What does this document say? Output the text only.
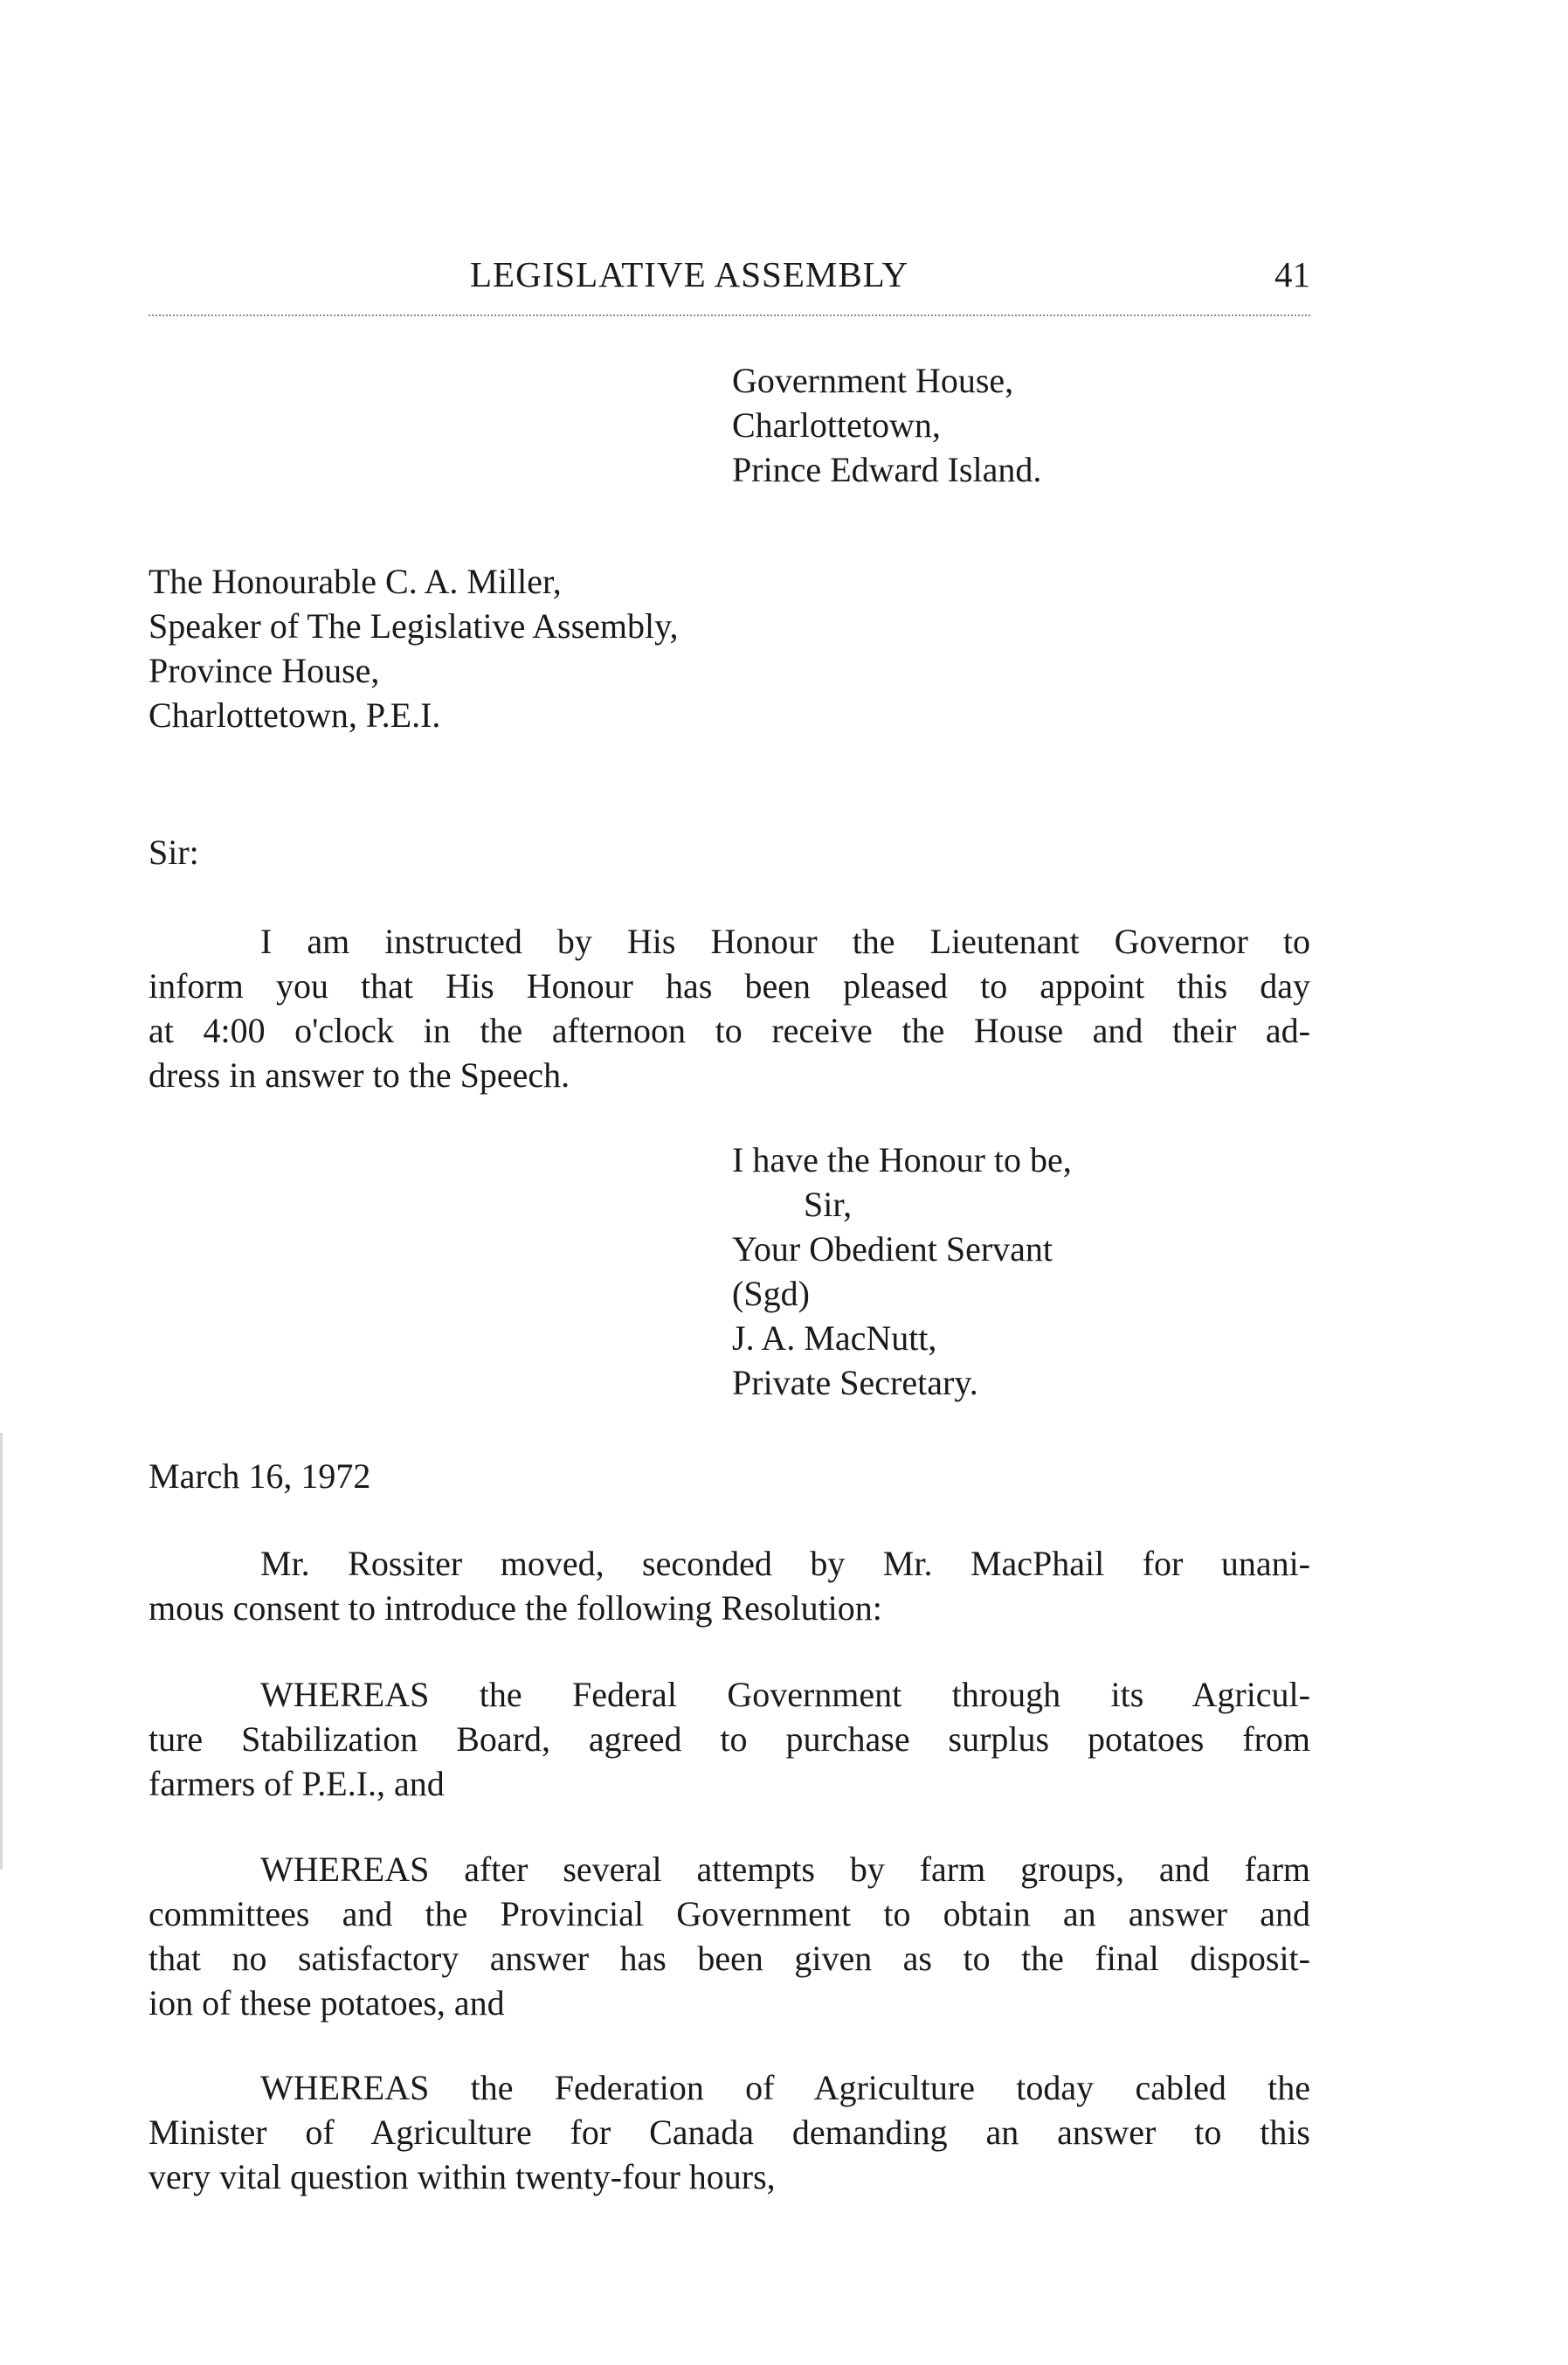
LEGISLATIVE ASSEMBLY	41
Government House,
Charlottetown,
Prince Edward Island.
The Honourable C. A. Miller,
Speaker of The Legislative Assembly,
Province House,
Charlottetown, P.E.I.
Sir:
I am instructed by His Honour the Lieutenant Governor to
inform you that His Honour has been pleased to appoint this day
at 4:00 o'clock in the afternoon to receive the House and their ad-
dress in answer to the Speech.
I have the Honour to be,
Sir,
Your Obedient Servant
(Sgd)
J. A. MacNutt,
Private Secretary.
March 16, 1972
Mr. Rossiter moved, seconded by Mr. MacPhail for unani-
mous consent to introduce the following Resolution:
WHEREAS the Federal Government through its Agricul-
ture Stabilization Board, agreed to purchase surplus potatoes from
farmers of P.E.I., and
WHEREAS after several attempts by farm groups, and farm
committees and the Provincial Government to obtain an answer and
that no satisfactory answer has been given as to the final disposit-
ion of these potatoes, and
WHEREAS the Federation of Agriculture today cabled the
Minister of Agriculture for Canada demanding an answer to this
very vital question within twenty-four hours,
